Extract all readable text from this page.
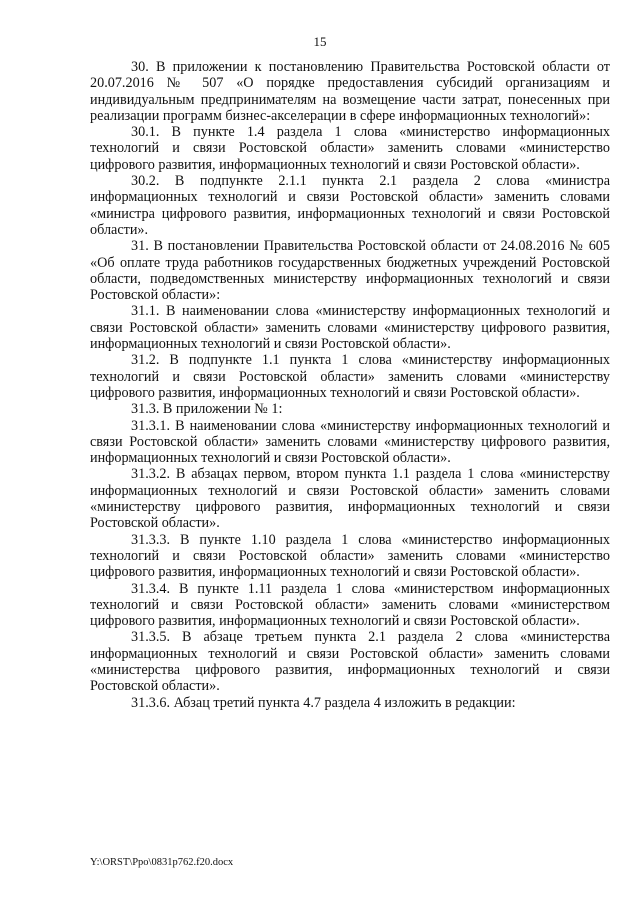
15

30. В приложении к постановлению Правительства Ростовской области от 20.07.2016 № 507 «О порядке предоставления субсидий организациям и индивидуальным предпринимателям на возмещение части затрат, понесенных при реализации программ бизнес-акселерации в сфере информационных технологий»:

30.1. В пункте 1.4 раздела 1 слова «министерство информационных технологий и связи Ростовской области» заменить словами «министерство цифрового развития, информационных технологий и связи Ростовской области».

30.2. В подпункте 2.1.1 пункта 2.1 раздела 2 слова «министра информационных технологий и связи Ростовской области» заменить словами «министра цифрового развития, информационных технологий и связи Ростовской области».

31. В постановлении Правительства Ростовской области от 24.08.2016 № 605 «Об оплате труда работников государственных бюджетных учреждений Ростовской области, подведомственных министерству информационных технологий и связи Ростовской области»:

31.1. В наименовании слова «министерству информационных технологий и связи Ростовской области» заменить словами «министерству цифрового развития, информационных технологий и связи Ростовской области».

31.2. В подпункте 1.1 пункта 1 слова «министерству информационных технологий и связи Ростовской области» заменить словами «министерству цифрового развития, информационных технологий и связи Ростовской области».

31.3. В приложении № 1:

31.3.1. В наименовании слова «министерству информационных технологий и связи Ростовской области» заменить словами «министерству цифрового развития, информационных технологий и связи Ростовской области».

31.3.2. В абзацах первом, втором пункта 1.1 раздела 1 слова «министерству информационных технологий и связи Ростовской области» заменить словами «министерству цифрового развития, информационных технологий и связи Ростовской области».

31.3.3. В пункте 1.10 раздела 1 слова «министерство информационных технологий и связи Ростовской области» заменить словами «министерство цифрового развития, информационных технологий и связи Ростовской области».

31.3.4. В пункте 1.11 раздела 1 слова «министерством информационных технологий и связи Ростовской области» заменить словами «министерством цифрового развития, информационных технологий и связи Ростовской области».

31.3.5. В абзаце третьем пункта 2.1 раздела 2 слова «министерства информационных технологий и связи Ростовской области» заменить словами «министерства цифрового развития, информационных технологий и связи Ростовской области».

31.3.6. Абзац третий пункта 4.7 раздела 4 изложить в редакции:

Y:\ORST\Ppo\0831p762.f20.docx
